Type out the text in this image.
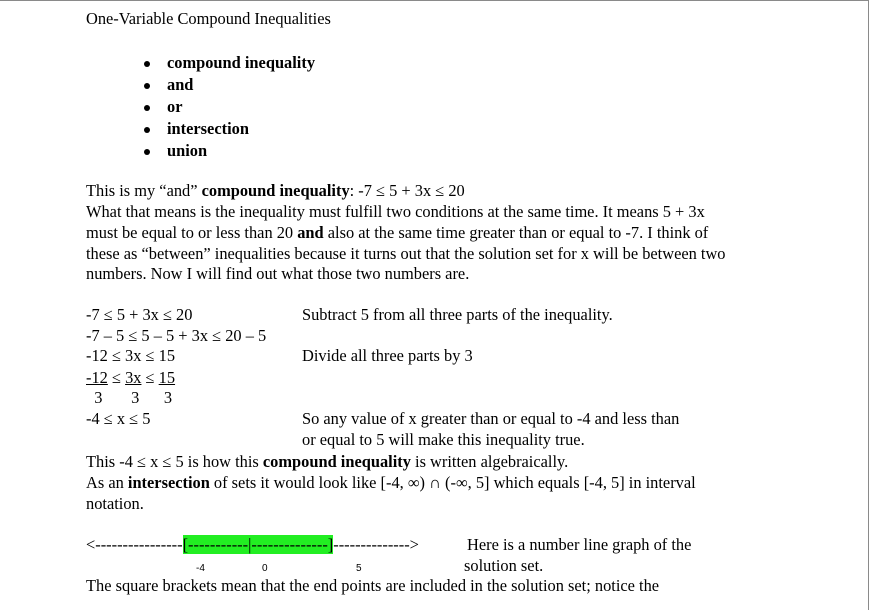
One-Variable Compound Inequalities
compound inequality
and
or
intersection
union
This is my “and” compound inequality: -7 ≤ 5 + 3x ≤ 20
What that means is the inequality must fulfill two conditions at the same time. It means 5 + 3x must be equal to or less than 20 and also at the same time greater than or equal to -7. I think of these as “between” inequalities because it turns out that the solution set for x will be between two numbers. Now I will find out what those two numbers are.
-7 ≤ 5 + 3x ≤ 20	Subtract 5 from all three parts of the inequality.
-7 – 5 ≤ 5 – 5 + 3x ≤ 20 – 5
-12 ≤ 3x ≤ 15	Divide all three parts by 3
-12 ≤ 3x ≤ 15
3       3      3
-4 ≤ x ≤ 5	So any value of x greater than or equal to -4 and less than
or equal to 5 will make this inequality true.
This -4 ≤ x ≤ 5 is how this compound inequality is written algebraically.
As an intersection of sets it would look like [-4, ∞) ∩ (-∞, 5] which equals [-4, 5] in interval notation.
<----------------[-----------|--------------]-------------->	Here is a number line graph of the
solution set.
-4	0	5
The square brackets mean that the end points are included in the solution set; notice the
